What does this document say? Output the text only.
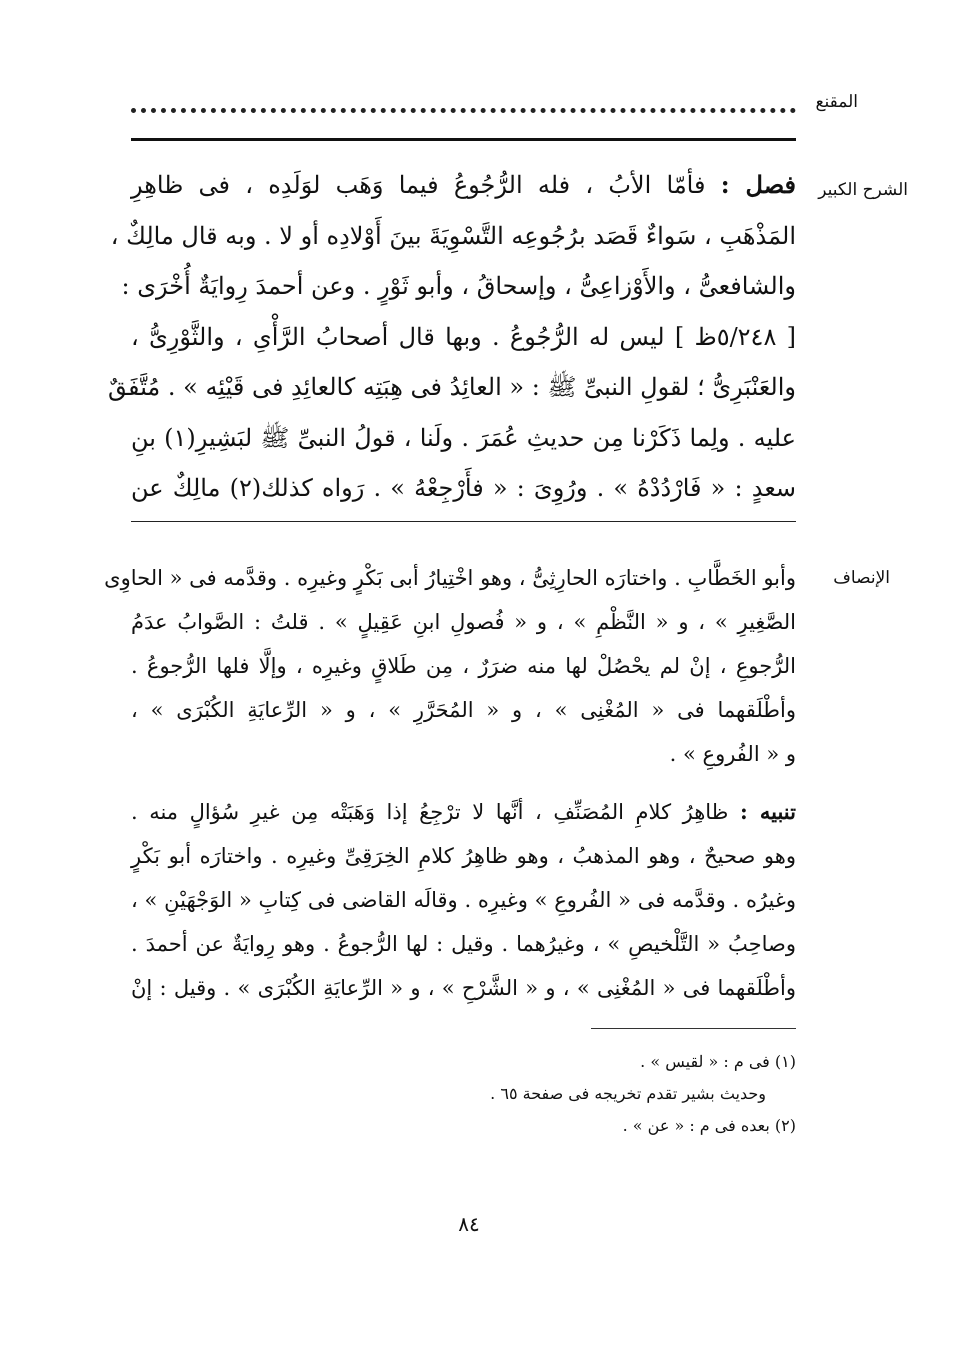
المقنع
الشرح الكبير
فصل : فأمّا الأبُ ، فله الرُّجُوعُ فيما وَهَب لوَلَدِه ، فى ظاهِرِ
المَذْهَبِ ، سَواءٌ قَصَد برُجُوعِه التَّسْوِيَةَ بينَ أَوْلادِه أو لا . وبه قال مالِكٌ ،
والشافعىُّ ، والأَوْزاعِىُّ ، وإسحاقُ ، وأبو ثَوْرٍ . وعن أحمدَ رِوايَةٌ أُخْرَى :
[ ٥/٢٤٨ظ ] ليس له الرُّجُوعُ . وبها قال أصحابُ الرَّأْىِ ، والثَّوْرِىُّ ،
والعَنْبَرِىُّ ؛ لقولِ النبىِّ ﷺ : « العائِدُ فى هِبَتِه كالعائِدِ فى قَيْئِه » . مُتَّفَقٌ
عليه . ولِما ذَكَرْنا مِن حديثِ عُمَرَ . ولَنا ، قولُ النبىِّ ﷺ لبَشِيرِ(١) بنِ
سعدٍ : « فَارْدُدْهُ » . ورُوِىَ : « فأَرْجِعْهُ » . رَواه كذلك(٢) مالِكٌ عن
الإنصاف
وأبو الخَطَّابِ . واختارَه الحارِثِىُّ ، وهو اخْتِيارُ أبى بَكْرٍ وغيرِه . وقدَّمه فى « الحاوِى
الصَّغِيرِ » ، و « النَّظْمِ » ، و « فُصولِ ابنِ عَقِيلٍ » . قلتُ : الصَّوابُ عدَمُ
الرُّجوعِ ، إنْ لم يحْصُلْ لها منه ضرَرٌ ، مِن طَلاقٍ وغيرِه ، وإلَّا فلها الرُّجوعُ .
وأطْلَقهما فى « المُغْنِى » ، و « المُحَرَّرِ » ، و « الرِّعايَةِ الكُبْرَى » ،
و « الفُروعِ » .
تنبيه : ظاهِرُ كلامِ المُصَنِّفِ ، أنَّها لا ترْجِعُ إذا وَهَبَتْه مِن غيرِ سُؤالٍ منه .
وهو صحيحٌ ، وهو المذهبُ ، وهو ظاهِرُ كلامِ الخِرَقِىِّ وغيرِه . واختارَه أبو بَكْرٍ
وغيرُه . وقدَّمه فى « الفُروعِ » وغيرِه . وقالَه القاضى فى كِتابِ « الوَجْهَيْنِ » ،
وصاحِبُ « التَّلْخيصِ » ، وغيرُهما . وقيل : لها الرُّجوعُ . وهو رِوايَةٌ عن أحمدَ .
وأطْلَقهما فى « المُغْنِى » ، و « الشَّرْحِ » ، و « الرِّعايَةِ الكُبْرَى » . وقيل : إنْ
(١) فى م : « لقيس » .
وحديث بشير تقدم تخريجه فى صفحة ٦٥ .
(٢) بعده فى م : « عن » .
٨٤
